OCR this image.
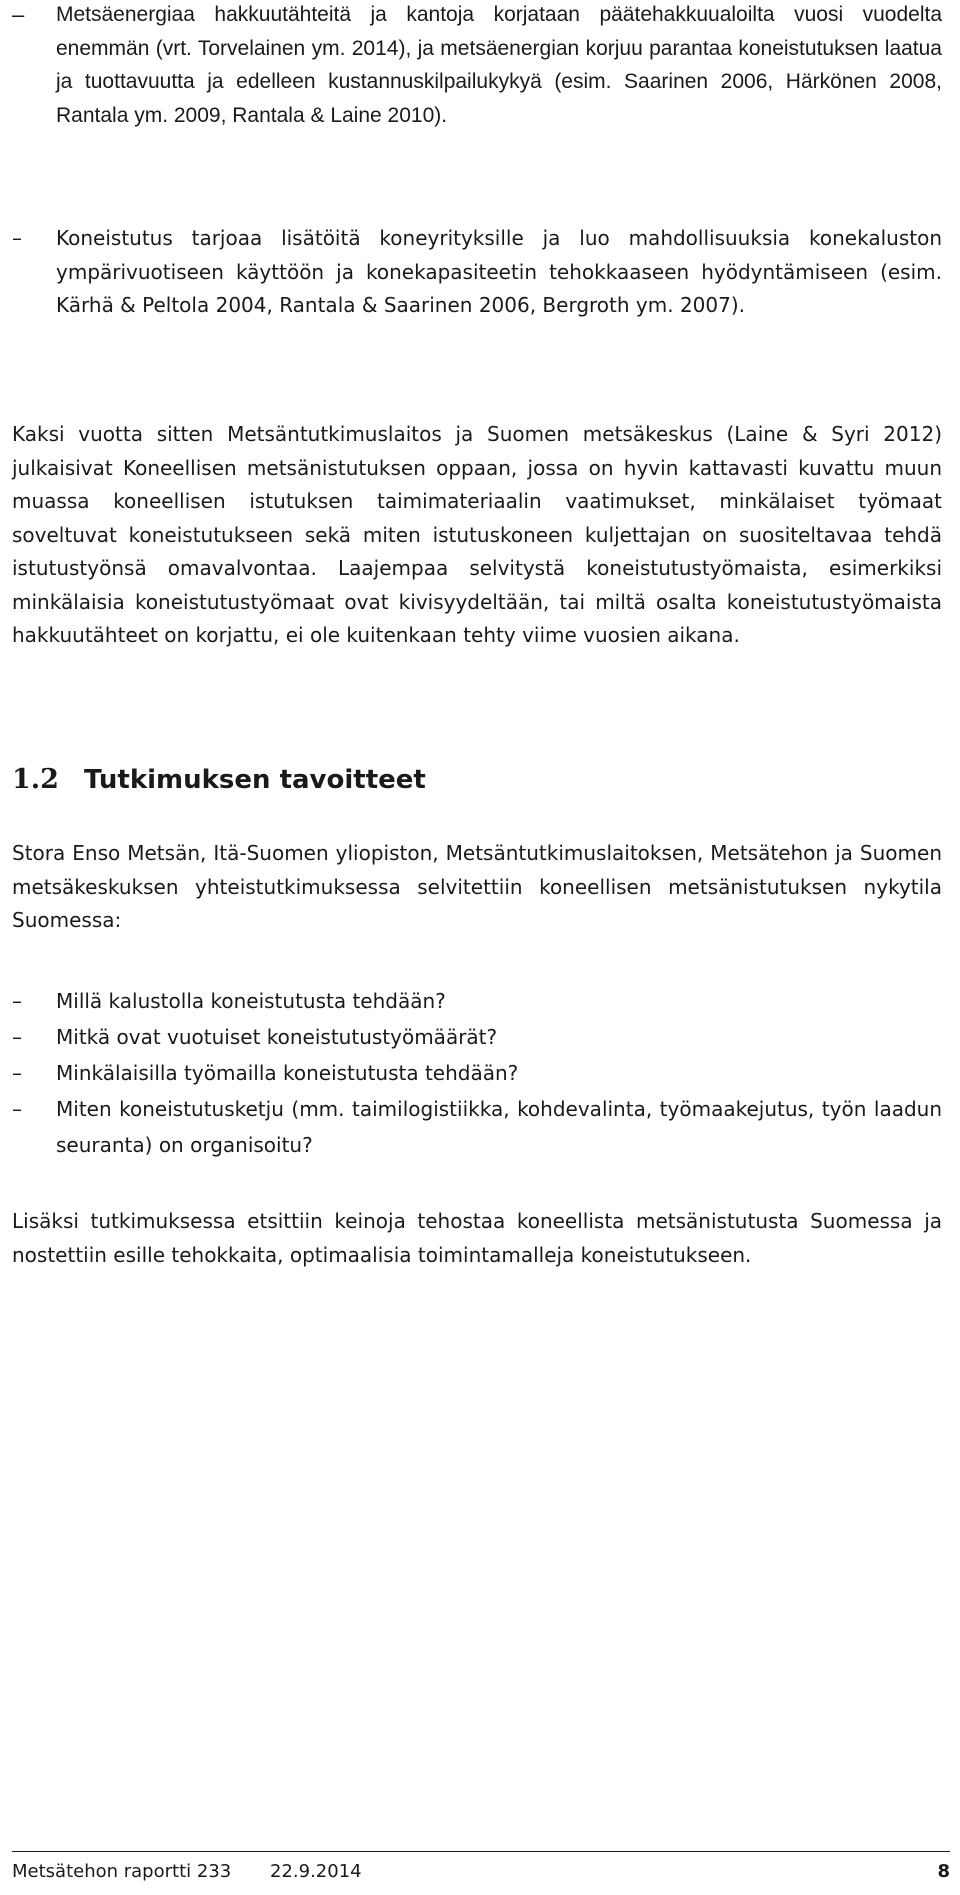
–	Metsäenergiaa hakkuutähteitä ja kantoja korjataan päätehakkuualoilta vuosi vuodelta enemmän (vrt. Torvelainen ym. 2014), ja metsäenergian korjuu parantaa koneistutuksen laatua ja tuottavuutta ja edelleen kustannuskilpailukykyä (esim. Saarinen 2006, Härkönen 2008, Rantala ym. 2009, Rantala & Laine 2010).

–	Koneistutus tarjoaa lisätöitä koneyrityksille ja luo mahdollisuuksia konekaluston ympärivuotiseen käyttöön ja konekapasiteetin tehokkaaseen hyödyntämiseen (esim. Kärhä & Peltola 2004, Rantala & Saarinen 2006, Bergroth ym. 2007).

Kaksi vuotta sitten Metsäntutkimuslaitos ja Suomen metsäkeskus (Laine & Syri 2012) julkaisivat Koneellisen metsänistutuksen oppaan, jossa on hyvin kattavasti kuvattu muun muassa koneellisen istutuksen taimimateriaalin vaatimukset, minkälaiset työmaat soveltuvat koneistutukseen sekä miten istutuskoneen kuljettajan on suositeltavaa tehdä istutustyönsä omavalvontaa. Laajempaa selvitystä koneistutustyömaista, esimerkiksi minkälaisia koneistutustyömaat ovat kivisyydeltään, tai miltä osalta koneistutustyömaista hakkuutähteet on korjattu, ei ole kuitenkaan tehty viime vuosien aikana.

1.2 Tutkimuksen tavoitteet

Stora Enso Metsän, Itä-Suomen yliopiston, Metsäntutkimuslaitoksen, Metsätehon ja Suomen metsäkeskuksen yhteistutkimuksessa selvitettiin koneellisen metsänistutuksen nykytila Suomessa:

–	Millä kalustolla koneistutusta tehdään?
–	Mitkä ovat vuotuiset koneistutustyömäärät?
–	Minkälaisilla työmailla koneistutusta tehdään?
–	Miten koneistutusketju (mm. taimilogistiikka, kohdevalinta, työmaakejutus, työn laadun seuranta) on organisoitu?

Lisäksi tutkimuksessa etsittiin keinoja tehostaa koneellista metsänistutusta Suomessa ja nostettiin esille tehokkaita, optimaalisia toimintamalleja koneistutukseen.

Metsätehon raportti 233 22.9.2014	8
